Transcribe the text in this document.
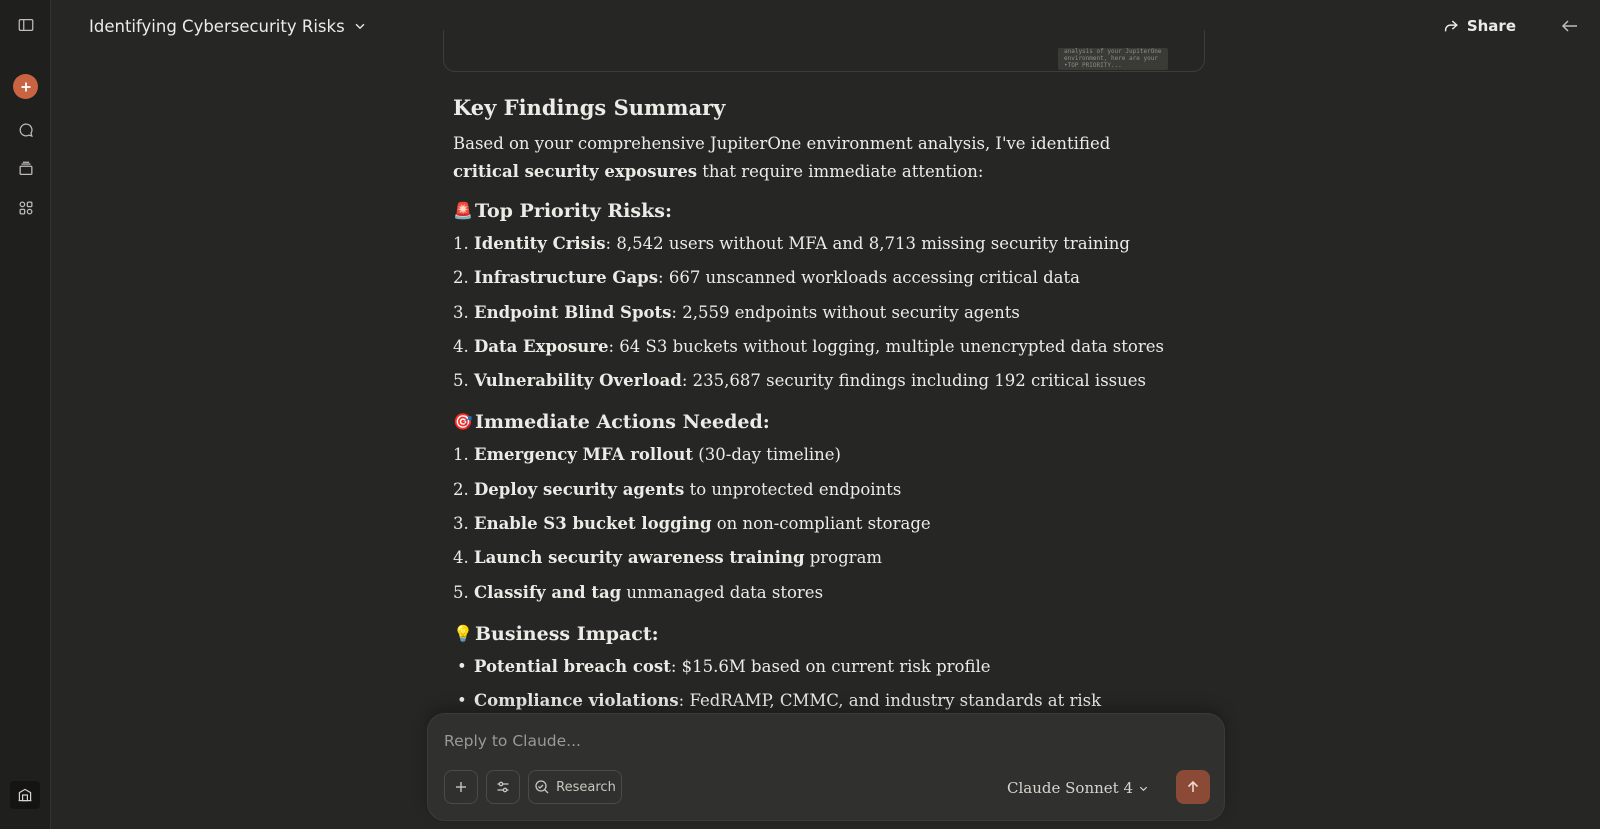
Identifying Cybersecurity Risks	Share
analysis of your JupiterOne
environment, here are your
•TOP PRIORITY...
Key Findings Summary

Based on your comprehensive JupiterOne environment analysis, I've identified critical security exposures that require immediate attention:

🚨 Top Priority Risks:
1. Identity Crisis: 8,542 users without MFA and 8,713 missing security training
2. Infrastructure Gaps: 667 unscanned workloads accessing critical data
3. Endpoint Blind Spots: 2,559 endpoints without security agents
4. Data Exposure: 64 S3 buckets without logging, multiple unencrypted data stores
5. Vulnerability Overload: 235,687 security findings including 192 critical issues
🎯 Immediate Actions Needed:
1. Emergency MFA rollout (30-day timeline)
2. Deploy security agents to unprotected endpoints
3. Enable S3 bucket logging on non-compliant storage
4. Launch security awareness training program
5. Classify and tag unmanaged data stores
💡 Business Impact:
• Potential breach cost: $15.6M based on current risk profile
• Compliance violations: FedRAMP, CMMC, and industry standards at risk
Reply to Claude...
Research	Claude Sonnet 4
